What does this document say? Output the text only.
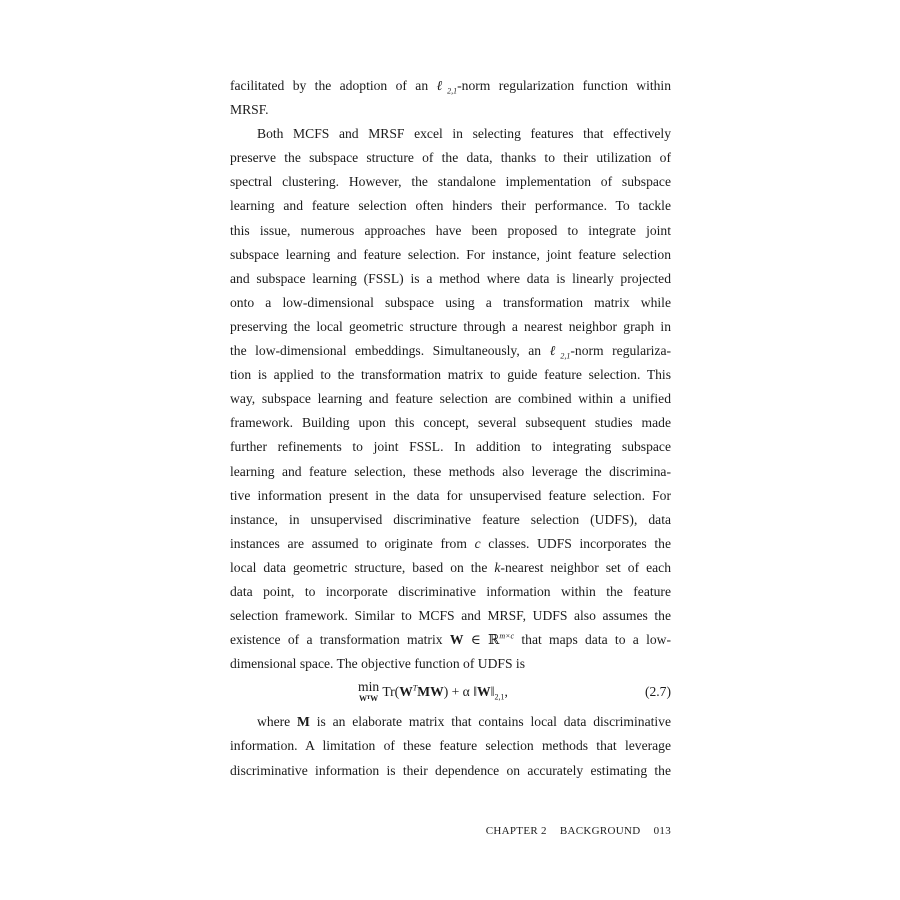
facilitated by the adoption of an ℓ$_{2,1}$-norm regularization function within
MRSF.
Both MCFS and MRSF excel in selecting features that effectively
preserve the subspace structure of the data, thanks to their utilization of
spectral clustering. However, the standalone implementation of subspace
learning and feature selection often hinders their performance. To tackle
this issue, numerous approaches have been proposed to integrate joint
subspace learning and feature selection. For instance, joint feature selection
and subspace learning (FSSL) is a method where data is linearly projected
onto a low-dimensional subspace using a transformation matrix while
preserving the local geometric structure through a nearest neighbor graph in
the low-dimensional embeddings. Simultaneously, an ℓ$_{2,1}$-norm regulariza-
tion is applied to the transformation matrix to guide feature selection. This
way, subspace learning and feature selection are combined within a unified
framework. Building upon this concept, several subsequent studies made
further refinements to joint FSSL. In addition to integrating subspace
learning and feature selection, these methods also leverage the discrimina-
tive information present in the data for unsupervised feature selection. For
instance, in unsupervised discriminative feature selection (UDFS), data
instances are assumed to originate from c classes. UDFS incorporates the
local data geometric structure, based on the k-nearest neighbor set of each
data point, to incorporate discriminative information within the feature
selection framework. Similar to MCFS and MRSF, UDFS also assumes the
existence of a transformation matrix W ∈ ℝ$^{m\times c}$ that maps data to a low-
dimensional space. The objective function of UDFS is
min
WᵀW $Tr(W^TMW) + \alpha$ $‖W‖_{2,1}$,	(2.7)
where M is an elaborate matrix that contains local data discriminative
information. A limitation of these feature selection methods that leverage
discriminative information is their dependence on accurately estimating the
CHAPTER 2 BACKGROUND 013
